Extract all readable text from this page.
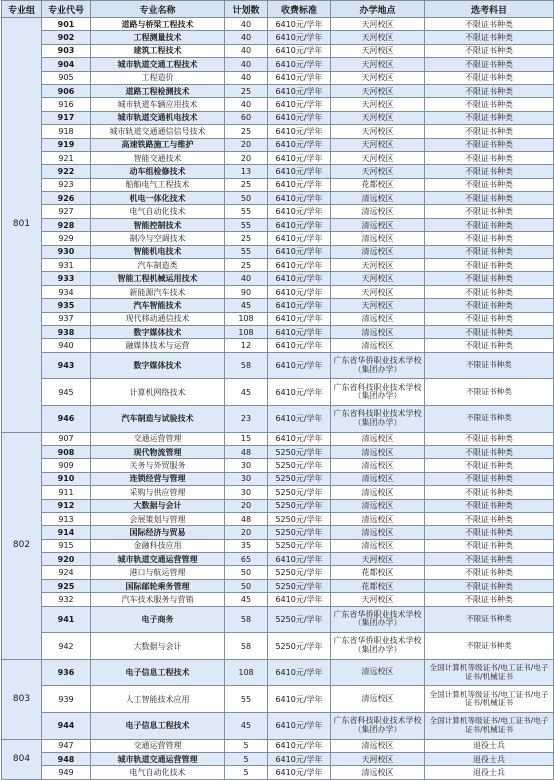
专业组	专业代号	专业名称	计划数	收费标准	办学地点	选考科目
801	901	道路与桥梁工程技术	40	6410元/学年	天河校区	不限证书种类
	902	工程测量技术	40	6410元/学年	天河校区	不限证书种类
	903	建筑工程技术	40	6410元/学年	天河校区	不限证书种类
	904	城市轨道交通工程技术	40	6410元/学年	天河校区	不限证书种类
	905	工程造价	40	6410元/学年	天河校区	不限证书种类
	906	道路工程检测技术	25	6410元/学年	天河校区	不限证书种类
	916	城市轨道车辆应用技术	40	6410元/学年	天河校区	不限证书种类
	917	城市轨道交通机电技术	60	6410元/学年	天河校区	不限证书种类
	918	城市轨道交通通信信号技术	25	6410元/学年	天河校区	不限证书种类
	919	高速铁路施工与维护	20	6410元/学年	天河校区	不限证书种类
	921	智能交通技术	20	6410元/学年	天河校区	不限证书种类
	922	动车组检修技术	13	6410元/学年	天河校区	不限证书种类
	923	船舶电气工程技术	25	6410元/学年	花都校区	不限证书种类
	926	机电一体化技术	50	6410元/学年	清远校区	不限证书种类
	927	电气自动化技术	55	6410元/学年	清远校区	不限证书种类
	928	智能控制技术	55	6410元/学年	清远校区	不限证书种类
	929	制冷与空调技术	25	6410元/学年	清远校区	不限证书种类
	930	智能机电技术	55	6410元/学年	清远校区	不限证书种类
	931	汽车制造类	25	6410元/学年	天河校区	不限证书种类
	933	智能工程机械运用技术	40	6410元/学年	天河校区	不限证书种类
	934	新能源汽车技术	90	6410元/学年	天河校区	不限证书种类
	935	汽车智能技术	45	6410元/学年	天河校区	不限证书种类
	937	现代移动通信技术	108	6410元/学年	清远校区	不限证书种类
	938	数字媒体技术	108	6410元/学年	清远校区	不限证书种类
	940	融媒体技术与运营	12	6410元/学年	清远校区	不限证书种类
	943	数字媒体技术	58	6410元/学年	广东省华侨职业技术学校（集团办学）	不限证书种类
	945	计算机网络技术	45	6410元/学年	广东省科技职业技术学校（集团办学）	不限证书种类
	946	汽车制造与试验技术	23	6410元/学年	广东省科技职业技术学校（集团办学）	不限证书种类
802	907	交通运营管理	15	6410元/学年	清远校区	不限证书种类
	908	现代物流管理	48	5250元/学年	清远校区	不限证书种类
	909	关务与外贸服务	30	5250元/学年	清远校区	不限证书种类
	910	连锁经营与管理	30	5250元/学年	清远校区	不限证书种类
	911	采购与供应管理	30	5250元/学年	清远校区	不限证书种类
	912	大数据与会计	20	5250元/学年	清远校区	不限证书种类
	913	会展策划与管理	48	5250元/学年	清远校区	不限证书种类
	914	国际经济与贸易	20	5250元/学年	清远校区	不限证书种类
	915	金融科技应用	35	5250元/学年	清远校区	不限证书种类
	920	城市轨道交通运营管理	65	6410元/学年	天河校区	不限证书种类
	924	港口与航运管理	50	5250元/学年	花都校区	不限证书种类
	925	国际邮轮乘务管理	50	5250元/学年	花都校区	不限证书种类
	932	汽车技术服务与营销	45	6410元/学年	天河校区	不限证书种类
	941	电子商务	58	5250元/学年	广东省华侨职业技术学校（集团办学）	不限证书种类
	942	大数据与会计	58	5250元/学年	广东省华侨职业技术学校（集团办学）	不限证书种类
803	936	电子信息工程技术	108	6410元/学年	清远校区	全国计算机等级证书/电工证书/电子证书/机械证书
	939	人工智能技术应用	55	6410元/学年	清远校区	全国计算机等级证书/电工证书/电子证书/机械证书
	944	电子信息工程技术	45	6410元/学年	广东省科技职业技术学校（集团办学）	全国计算机等级证书/电工证书/电子证书/机械证书
804	947	交通运营管理	5	6410元/学年	清远校区	退役士兵
	948	城市轨道交通运营管理	5	6410元/学年	天河校区	退役士兵
	949	电气自动化技术	5	6410元/学年	清远校区	退役士兵
